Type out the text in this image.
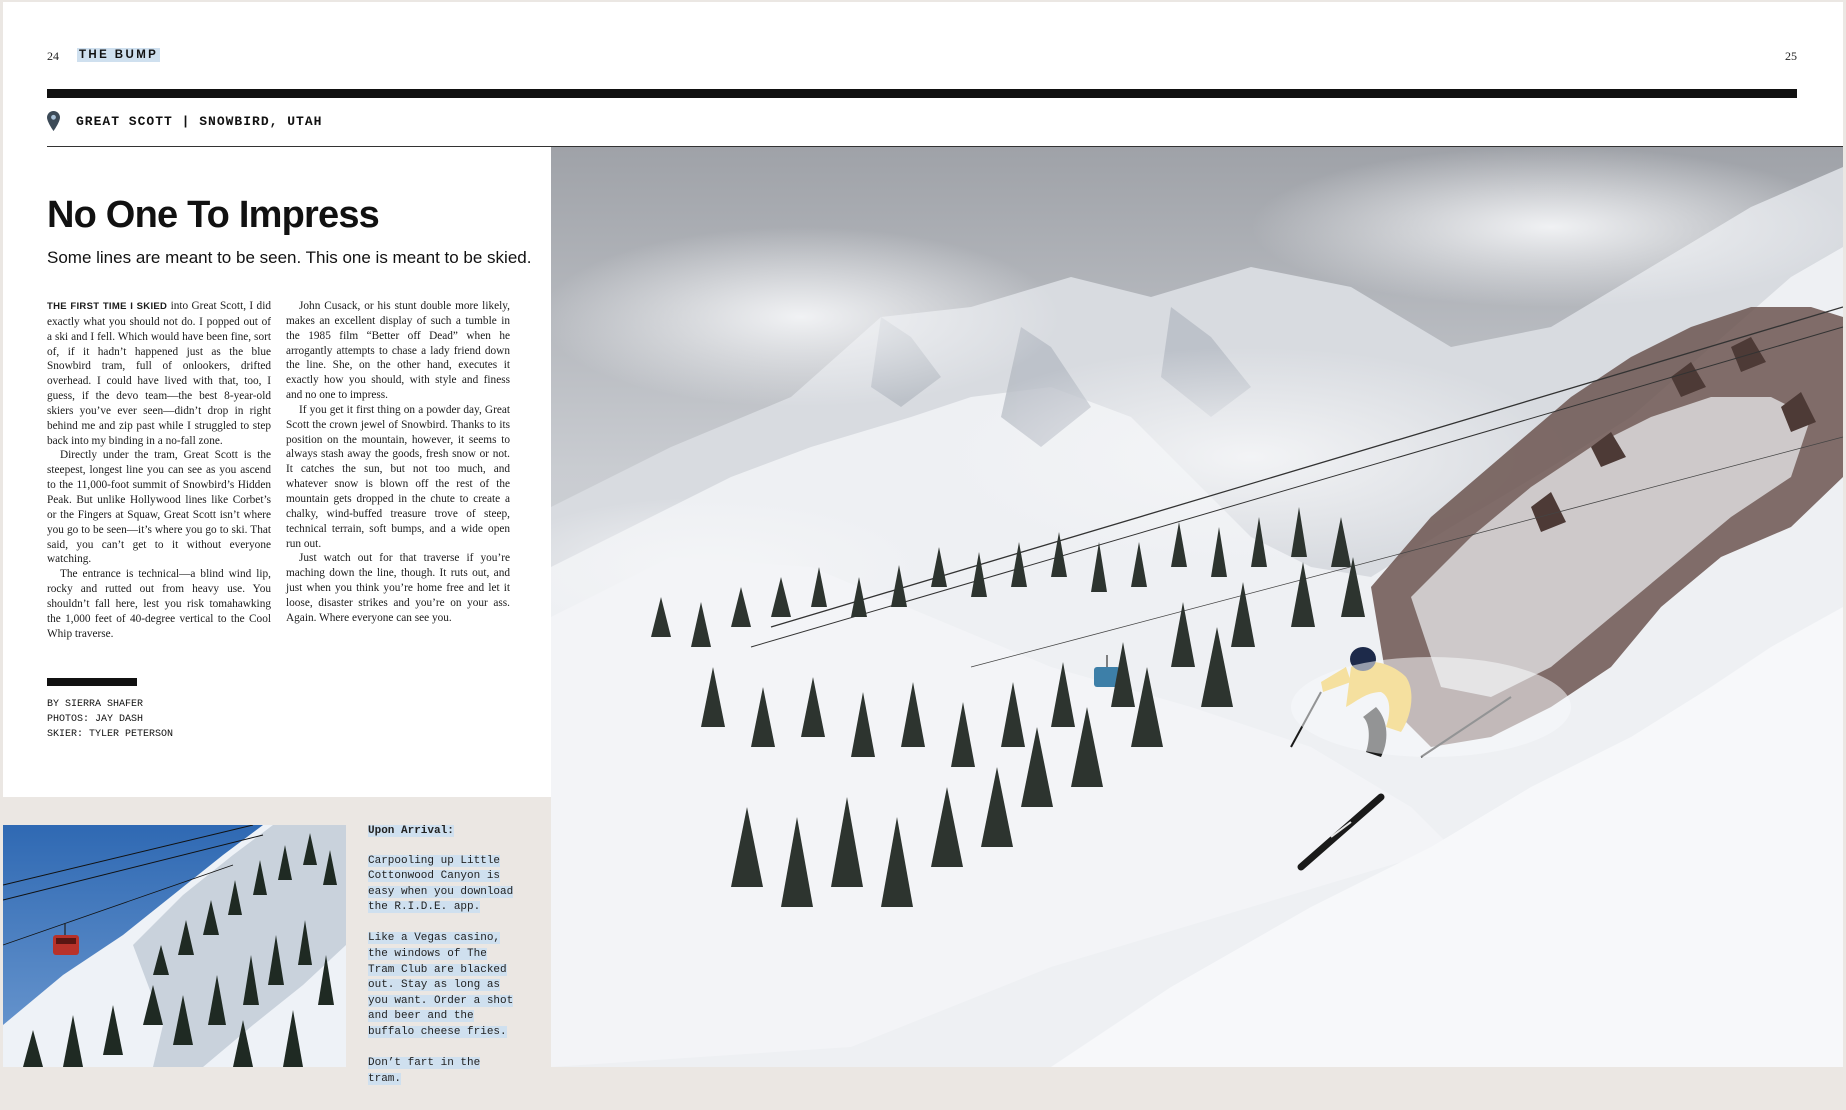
24 THE BUMP	25
GREAT SCOTT | SNOWBIRD, UTAH
No One To Impress

Some lines are meant to be seen. This one is meant to be skied.

THE FIRST TIME I SKIED into Great Scott, I did exactly what you should not do. I popped out of a ski and I fell. Which would have been fine, sort of, if it hadn’t happened just as the blue Snowbird tram, full of onlookers, drifted overhead. I could have lived with that, too, I guess, if the devo team—the best 8-year-old skiers you’ve ever seen—didn’t drop in right behind me and zip past while I struggled to step back into my binding in a no-fall zone.

Directly under the tram, Great Scott is the steepest, longest line you can see as you ascend to the 11,000-foot summit of Snowbird’s Hidden Peak. But unlike Hollywood lines like Corbet’s or the Fingers at Squaw, Great Scott isn’t where you go to be seen—it’s where you go to ski. That said, you can’t get to it without everyone watching.

The entrance is technical—a blind wind lip, rocky and rutted out from heavy use. You shouldn’t fall here, lest you risk tomahawking the 1,000 feet of 40-degree vertical to the Cool Whip traverse.

John Cusack, or his stunt double more likely, makes an excellent display of such a tumble in the 1985 film “Better off Dead” when he arrogantly attempts to chase a lady friend down the line. She, on the other hand, executes it exactly how you should, with style and finess and no one to impress.

If you get it first thing on a powder day, Great Scott the crown jewel of Snowbird. Thanks to its position on the mountain, however, it seems to always stash away the goods, fresh snow or not. It catches the sun, but not too much, and whatever snow is blown off the rest of the mountain gets dropped in the chute to create a chalky, wind-buffed treasure trove of steep, technical terrain, soft bumps, and a wide open run out.

Just watch out for that traverse if you’re maching down the line, though. It ruts out, and just when you think you’re home free and let it loose, disaster strikes and you’re on your ass. Again. Where everyone can see you.

BY SIERRA SHAFER
PHOTOS: JAY DASH
SKIER: TYLER PETERSON
Upon Arrival:

Carpooling up Little Cottonwood Canyon is easy when you download the R.I.D.E. app.

Like a Vegas casino, the windows of The Tram Club are blacked out. Stay as long as you want. Order a shot and beer and the buffalo cheese fries.

Don’t fart in the tram.
